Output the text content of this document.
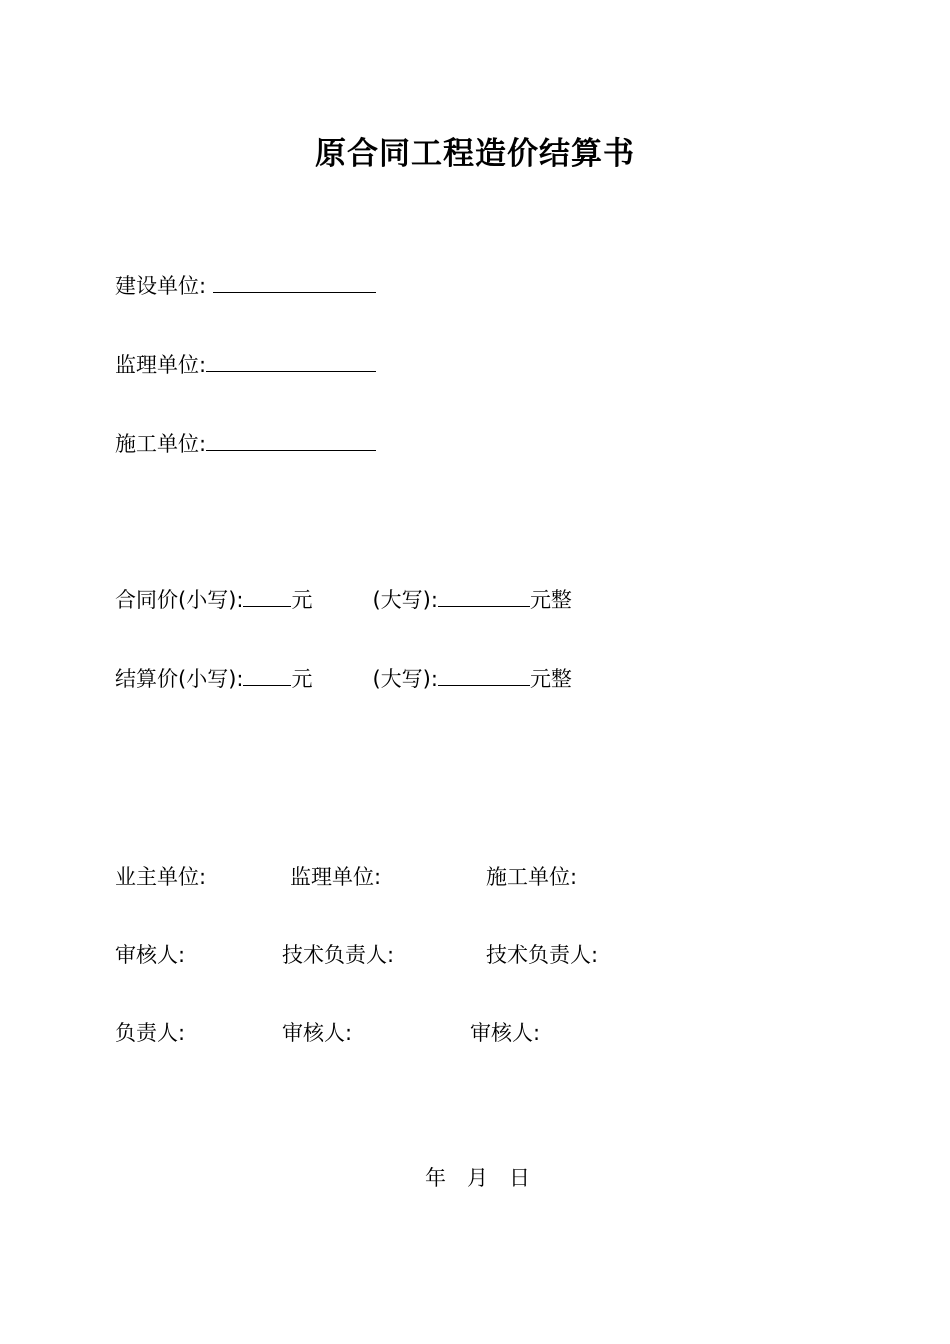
原合同工程造价结算书
建设单位:
监理单位:
施工单位:
合同价(小写): 元	(大写):	元整
结算价(小写): 元	(大写):	元整
业主单位:	监理单位:	施工单位:
审核人:	技术负责人:	技术负责人:
负责人:	审核人:	审核人:
年 月 日
